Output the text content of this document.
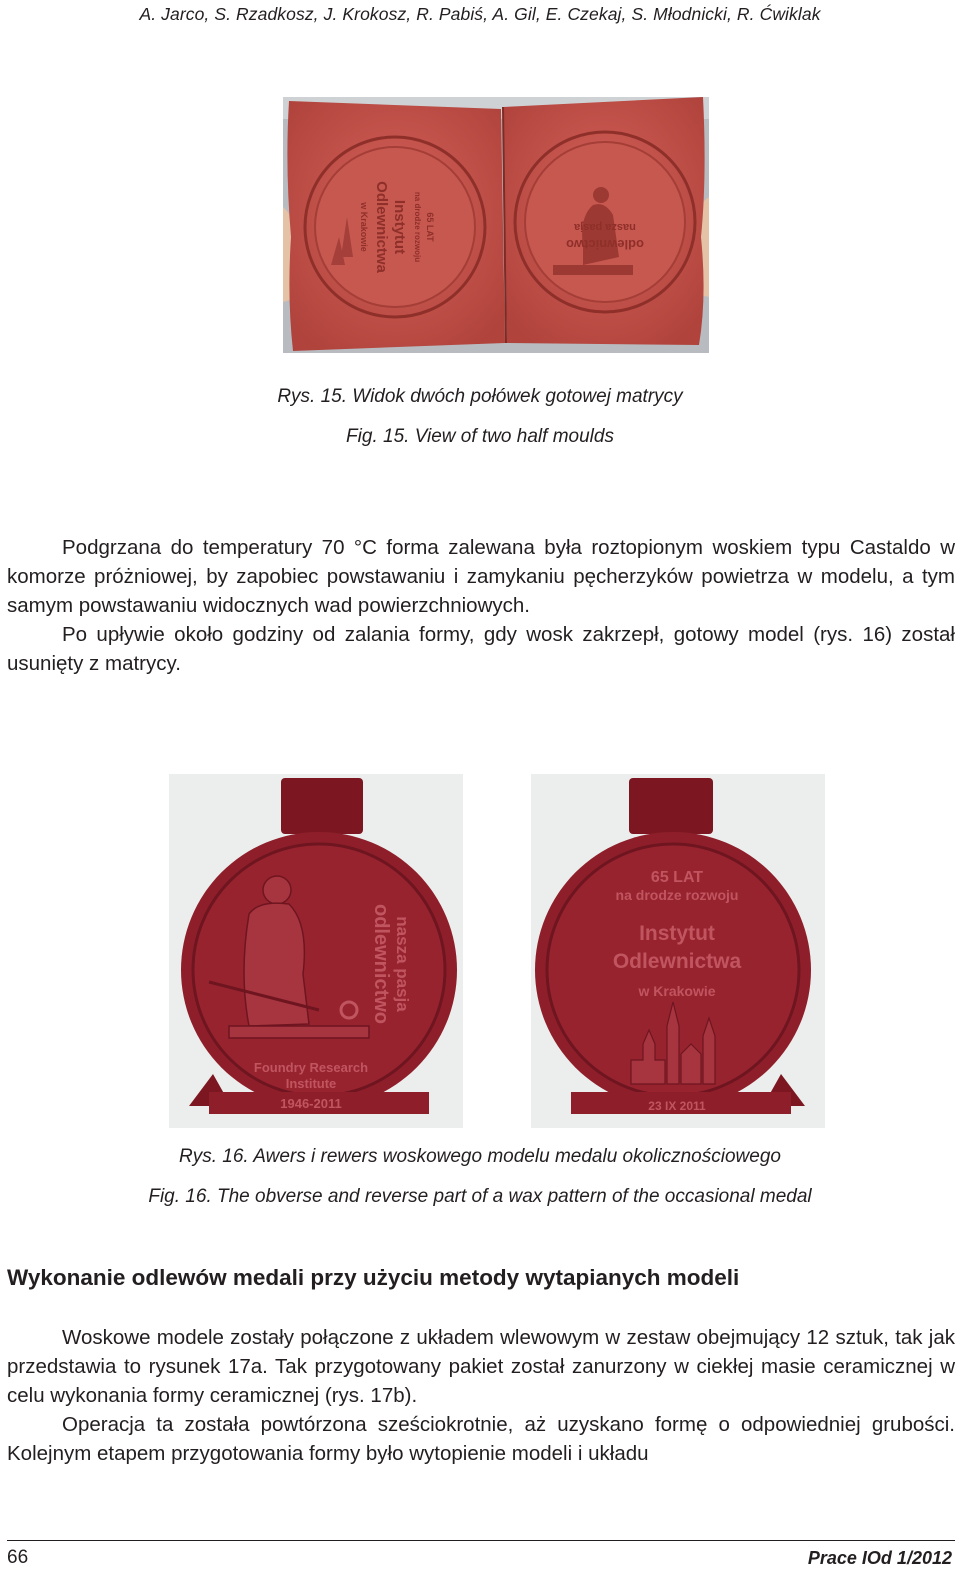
A. Jarco, S. Rzadkosz, J. Krokosz, R. Pabiś, A. Gil, E. Czekaj, S. Młodnicki, R. Ćwiklak
65 LAT
na drodze rozwoju
Instytut
Odlewnictwa
w Krakowie	odlewnictwo
nasza pasja
Rys. 15. Widok dwóch połówek gotowej matrycy
Fig. 15. View of two half moulds

Podgrzana do temperatury 70 °C forma zalewana była roztopionym woskiem typu Castaldo w komorze próżniowej, by zapobiec powstawaniu i zamykaniu pęcherzyków powietrza w modelu, a tym samym powstawaniu widocznych wad powierzchniowych.

Po upływie około godziny od zalania formy, gdy wosk zakrzepł, gotowy model (rys. 16) został usunięty z matrycy.

odlewnictwo nasza pasja
Foundry Research
Institute
1946-2011
65 LAT
na drodze rozwoju
Instytut
Odlewnictwa
w Krakowie
23 IX 2011
Rys. 16. Awers i rewers woskowego modelu medalu okolicznościowego
Fig. 16. The obverse and reverse part of a wax pattern of the occasional medal
Wykonanie odlewów medali przy użyciu metody wytapianych modeli

Woskowe modele zostały połączone z układem wlewowym w zestaw obejmujący 12 sztuk, tak jak przedstawia to rysunek 17a. Tak przygotowany pakiet został zanurzony w ciekłej masie ceramicznej w celu wykonania formy ceramicznej (rys. 17b).

Operacja ta została powtórzona sześciokrotnie, aż uzyskano formę o odpowiedniej grubości. Kolejnym etapem przygotowania formy było wytopienie modeli i układu

66	Prace IOd 1/2012
